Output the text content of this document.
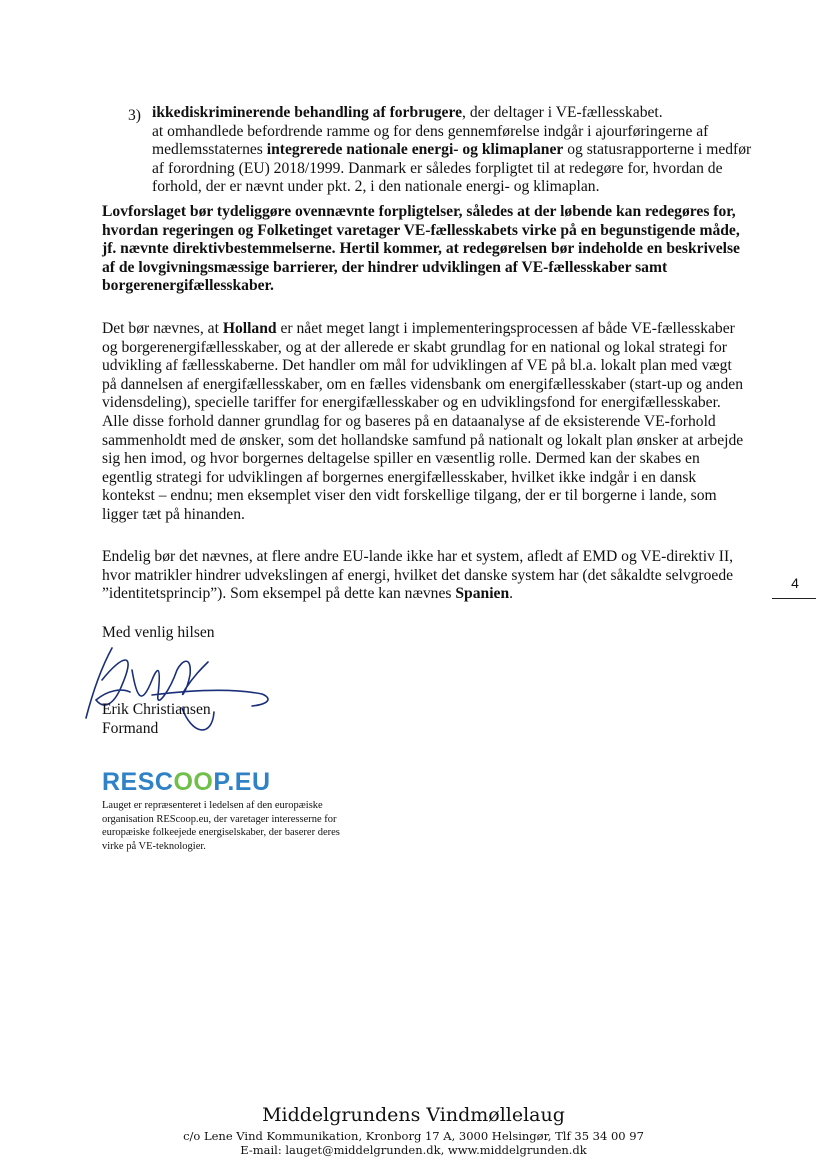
ikkediskriminerende behandling af forbrugere, der deltager i VE-fællesskabet.

3)

at omhandlede befordrende ramme og for dens gennemførelse indgår i ajourføringerne af medlemsstaternes integrerede nationale energi- og klimaplaner og statusrapporterne i medfør af forordning (EU) 2018/1999. Danmark er således forpligtet til at redegøre for, hvordan de forhold, der er nævnt under pkt. 2, i den nationale energi- og klimaplan.

Lovforslaget bør tydeliggøre ovennævnte forpligtelser, således at der løbende kan redegøres for, hvordan regeringen og Folketinget varetager VE-fællesskabets virke på en begunstigende måde, jf. nævnte direktivbestemmelserne. Hertil kommer, at redegørelsen bør indeholde en beskrivelse af de lovgivningsmæssige barrierer, der hindrer udviklingen af VE-fællesskaber samt borgerenergifællesskaber.

Det bør nævnes, at Holland er nået meget langt i implementeringsprocessen af både VE-fællesskaber og borgerenergifællesskaber, og at der allerede er skabt grundlag for en national og lokal strategi for udvikling af fællesskaberne. Det handler om mål for udviklingen af VE på bl.a. lokalt plan med vægt på dannelsen af energifællesskaber, om en fælles vidensbank om energifællesskaber (start-up og anden vidensdeling), specielle tariffer for energifællesskaber og en udviklingsfond for energifællesskaber. Alle disse forhold danner grundlag for og baseres på en dataanalyse af de eksisterende VE-forhold sammenholdt med de ønsker, som det hollandske samfund på nationalt og lokalt plan ønsker at arbejde sig hen imod, og hvor borgernes deltagelse spiller en væsentlig rolle. Dermed kan der skabes en egentlig strategi for udviklingen af borgernes energifællesskaber, hvilket ikke indgår i en dansk kontekst – endnu; men eksemplet viser den vidt forskellige tilgang, der er til borgerne i lande, som ligger tæt på hinanden.

Endelig bør det nævnes, at flere andre EU-lande ikke har et system, afledt af EMD og VE-direktiv II, hvor matrikler hindrer udvekslingen af energi, hvilket det danske system har (det såkaldte selvgroede ”identitetsprincip”). Som eksempel på dette kan nævnes Spanien.

4
Med venlig hilsen
Erik Christiansen
Formand
RESCOOP.EU
Lauget er repræsenteret i ledelsen af den europæiske organisation REScoop.eu, der varetager interesserne for europæiske folkeejede energiselskaber, der baserer deres virke på VE-teknologier.
Middelgrundens Vindmøllelaug
c/o Lene Vind Kommunikation, Kronborg 17 A, 3000 Helsingør, Tlf 35 34 00 97
E-mail: lauget@middelgrunden.dk, www.middelgrunden.dk
